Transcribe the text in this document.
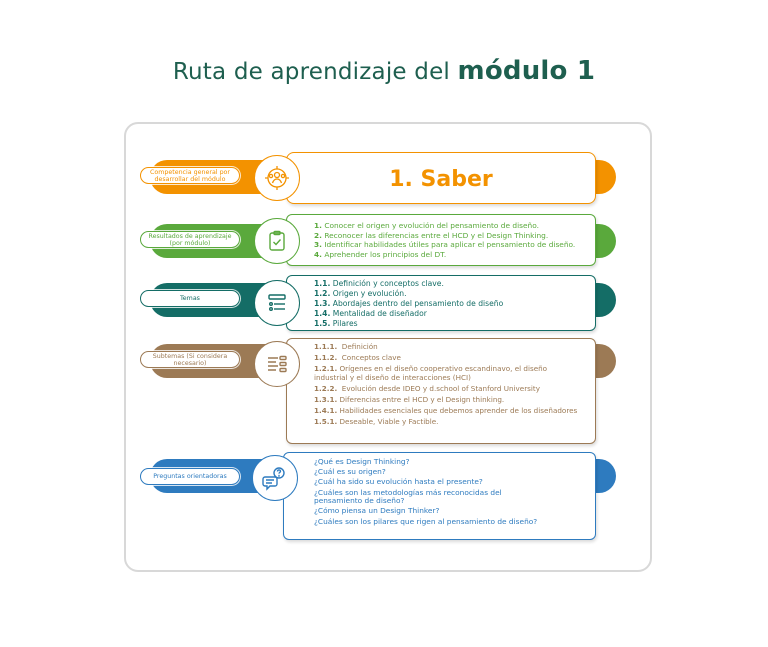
Ruta de aprendizaje del módulo 1
Competencia general por desarrollar del módulo	1. Saber
Resultados de aprendizaje (por módulo)
1. Conocer el origen y evolución del pensamiento de diseño.
2. Reconocer las diferencias entre el HCD y el Design Thinking.
3. Identificar habilidades útiles para aplicar el pensamiento de diseño.
4. Aprehender los principios del DT.
Temas
1.1. Definición y conceptos clave.
1.2. Origen y evolución.
1.3. Abordajes dentro del pensamiento de diseño
1.4. Mentalidad de diseñador
1.5. Pilares
Subtemas (Si considera necesario)
1.1.1. Definición
1.1.2. Conceptos clave
1.2.1. Orígenes en el diseño cooperativo escandinavo, el diseño industrial y el diseño de interacciones (HCI)
1.2.2. Evolución desde IDEO y d.school of Stanford University
1.3.1. Diferencias entre el HCD y el Design thinking.
1.4.1. Habilidades esenciales que debemos aprender de los diseñadores
1.5.1. Deseable, Viable y Factible.
Preguntas orientadoras
¿Qué es Design Thinking?
¿Cuál es su origen?
¿Cuál ha sido su evolución hasta el presente?
¿Cuáles son las metodologías más reconocidas del pensamiento de diseño?
¿Cómo piensa un Design Thinker?
¿Cuáles son los pilares que rigen al pensamiento de diseño?
